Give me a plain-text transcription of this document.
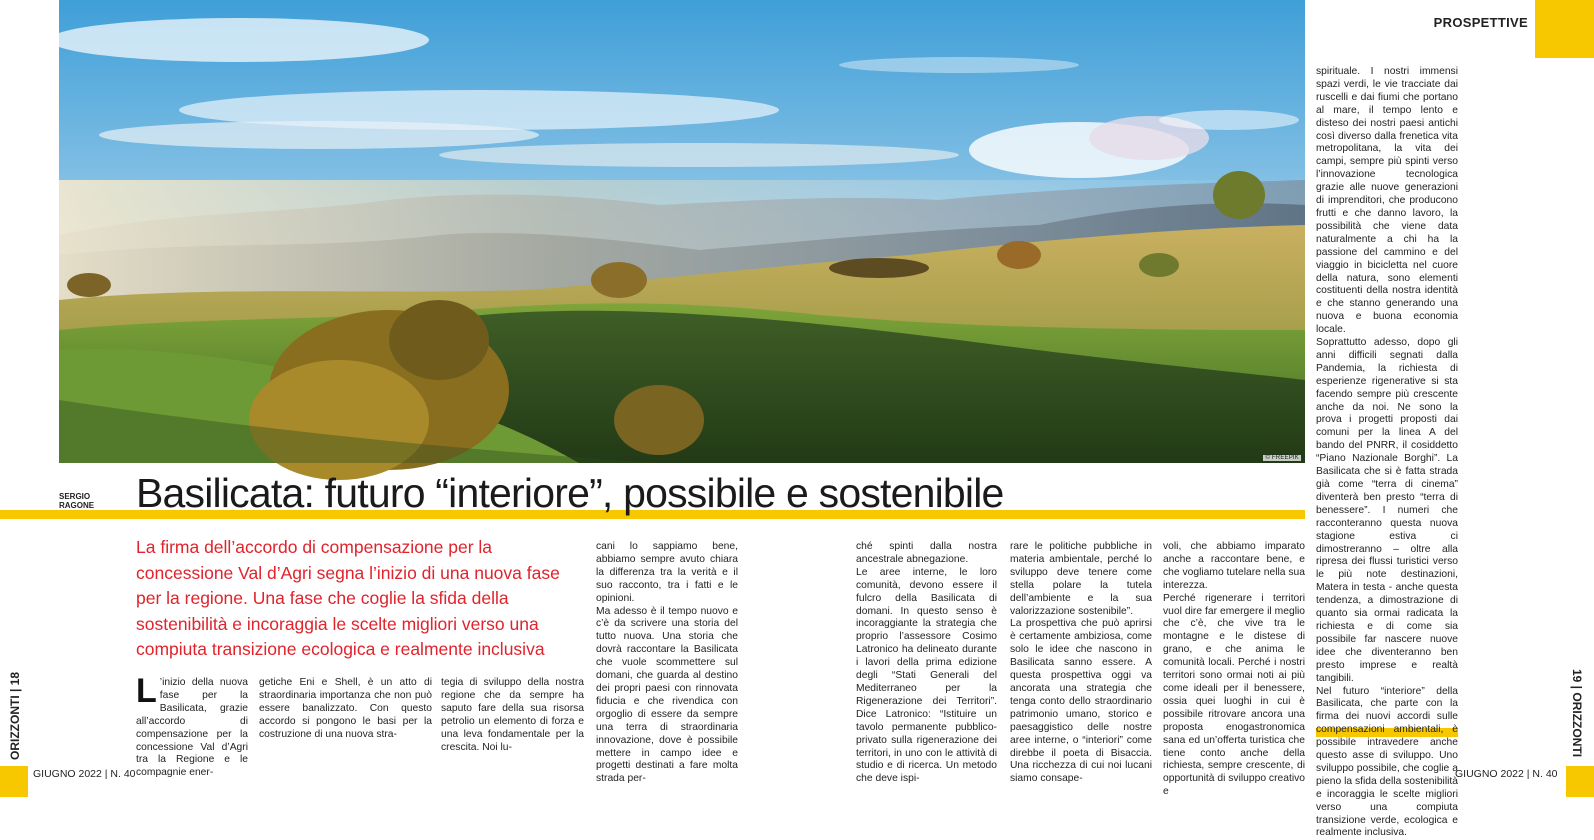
© FREEPIK
PROSPETTIVE
SERGIO
RAGONE Basilicata: futuro “interiore”, possibile e sostenibile
La firma dell’accordo di compensazione per la concessione Val d’Agri segna l’inizio di una nuova fase per la regione. Una fase che coglie la sfida della sostenibilità e incoraggia le scelte migliori verso una compiuta transizione ecologica e realmente inclusiva

L ’inizio della nuova fase per la Basilicata, grazie all’accordo di compensazione per la concessione Val d’Agri tra la Regione e le compagnie ener-

getiche Eni e Shell, è un atto di straordinaria importanza che non può essere banalizzato. Con questo accordo si pongono le basi per la costruzione di una nuova stra-

tegia di sviluppo della nostra regione che da sempre ha saputo fare della sua risorsa petrolio un elemento di forza e una leva fondamentale per la crescita. Noi lu-

cani lo sappiamo bene, abbiamo sempre avuto chiara la differenza tra la verità e il suo racconto, tra i fatti e le opinioni.

Ma adesso è il tempo nuovo e c’è da scrivere una storia del tutto nuova. Una storia che dovrà raccontare la Basilicata che vuole scommettere sul domani, che guarda al destino dei propri paesi con rinnovata fiducia e che rivendica con orgoglio di essere da sempre una terra di straordinaria innovazione, dove è possibile mettere in campo idee e progetti destinati a fare molta strada per-

ché spinti dalla nostra ancestrale abnegazione.

Le aree interne, le loro comunità, devono essere il fulcro della Basilicata di domani. In questo senso è incoraggiante la strategia che proprio l’assessore Cosimo Latronico ha delineato durante i lavori della prima edizione degli “Stati Generali del Mediterraneo per la Rigenerazione dei Territori”. Dice Latronico: “Istituire un tavolo permanente pubblico-privato sulla rigenerazione dei territori, in uno con le attività di studio e di ricerca. Un metodo che deve ispi-

rare le politiche pubbliche in materia ambientale, perché lo sviluppo deve tenere come stella polare la tutela dell’ambiente e la sua valorizzazione sostenibile”.

La prospettiva che può aprirsi è certamente ambiziosa, come solo le idee che nascono in Basilicata sanno essere. A questa prospettiva oggi va ancorata una strategia che tenga conto dello straordinario patrimonio umano, storico e paesaggistico delle nostre aree interne, o “interiori” come direbbe il poeta di Bisaccia. Una ricchezza di cui noi lucani siamo consape-

voli, che abbiamo imparato anche a raccontare bene, e che vogliamo tutelare nella sua interezza.

Perché rigenerare i territori vuol dire far emergere il meglio che c’è, che vive tra le montagne e le distese di grano, e che anima le comunità locali. Perché i nostri territori sono ormai noti ai più come ideali per il benessere, ossia quei luoghi in cui è possibile ritrovare ancora una proposta enogastronomica sana ed un’offerta turistica che tiene conto anche della richiesta, sempre crescente, di opportunità di sviluppo creativo e

spirituale. I nostri immensi spazi verdi, le vie tracciate dai ruscelli e dai fiumi che portano al mare, il tempo lento e disteso dei nostri paesi antichi così diverso dalla frenetica vita metropolitana, la vita dei campi, sempre più spinti verso l’innovazione tecnologica grazie alle nuove generazioni di imprenditori, che producono frutti e che danno lavoro, la possibilità che viene data naturalmente a chi ha la passione del cammino e del viaggio in bicicletta nel cuore della natura, sono elementi costituenti della nostra identità e che stanno generando una nuova e buona economia locale.

Soprattutto adesso, dopo gli anni difficili segnati dalla Pandemia, la richiesta di esperienze rigenerative si sta facendo sempre più crescente anche da noi. Ne sono la prova i progetti proposti dai comuni per la linea A del bando del PNRR, il cosiddetto “Piano Nazionale Borghi”. La Basilicata che si è fatta strada già come “terra di cinema” diventerà ben presto “terra di benessere”. I numeri che racconteranno questa nuova stagione estiva ci dimostreranno – oltre alla ripresa dei flussi turistici verso le più note destinazioni, Matera in testa - anche questa tendenza, a dimostrazione di quanto sia ormai radicata la richiesta e di come sia possibile far nascere nuove idee che diventeranno ben presto imprese e realtà tangibili.

Nel futuro “interiore” della Basilicata, che parte con la firma dei nuovi accordi sulle compensazioni ambientali, è possibile intravedere anche questo asse di sviluppo. Uno sviluppo possibile, che coglie a pieno la sfida della sostenibilità e incoraggia le scelte migliori verso una compiuta transizione verde, ecologica e realmente inclusiva.

ORIZZONTI | 18	19 | ORIZZONTI
GIUGNO 2022 | N. 40	GIUGNO 2022 | N. 40
